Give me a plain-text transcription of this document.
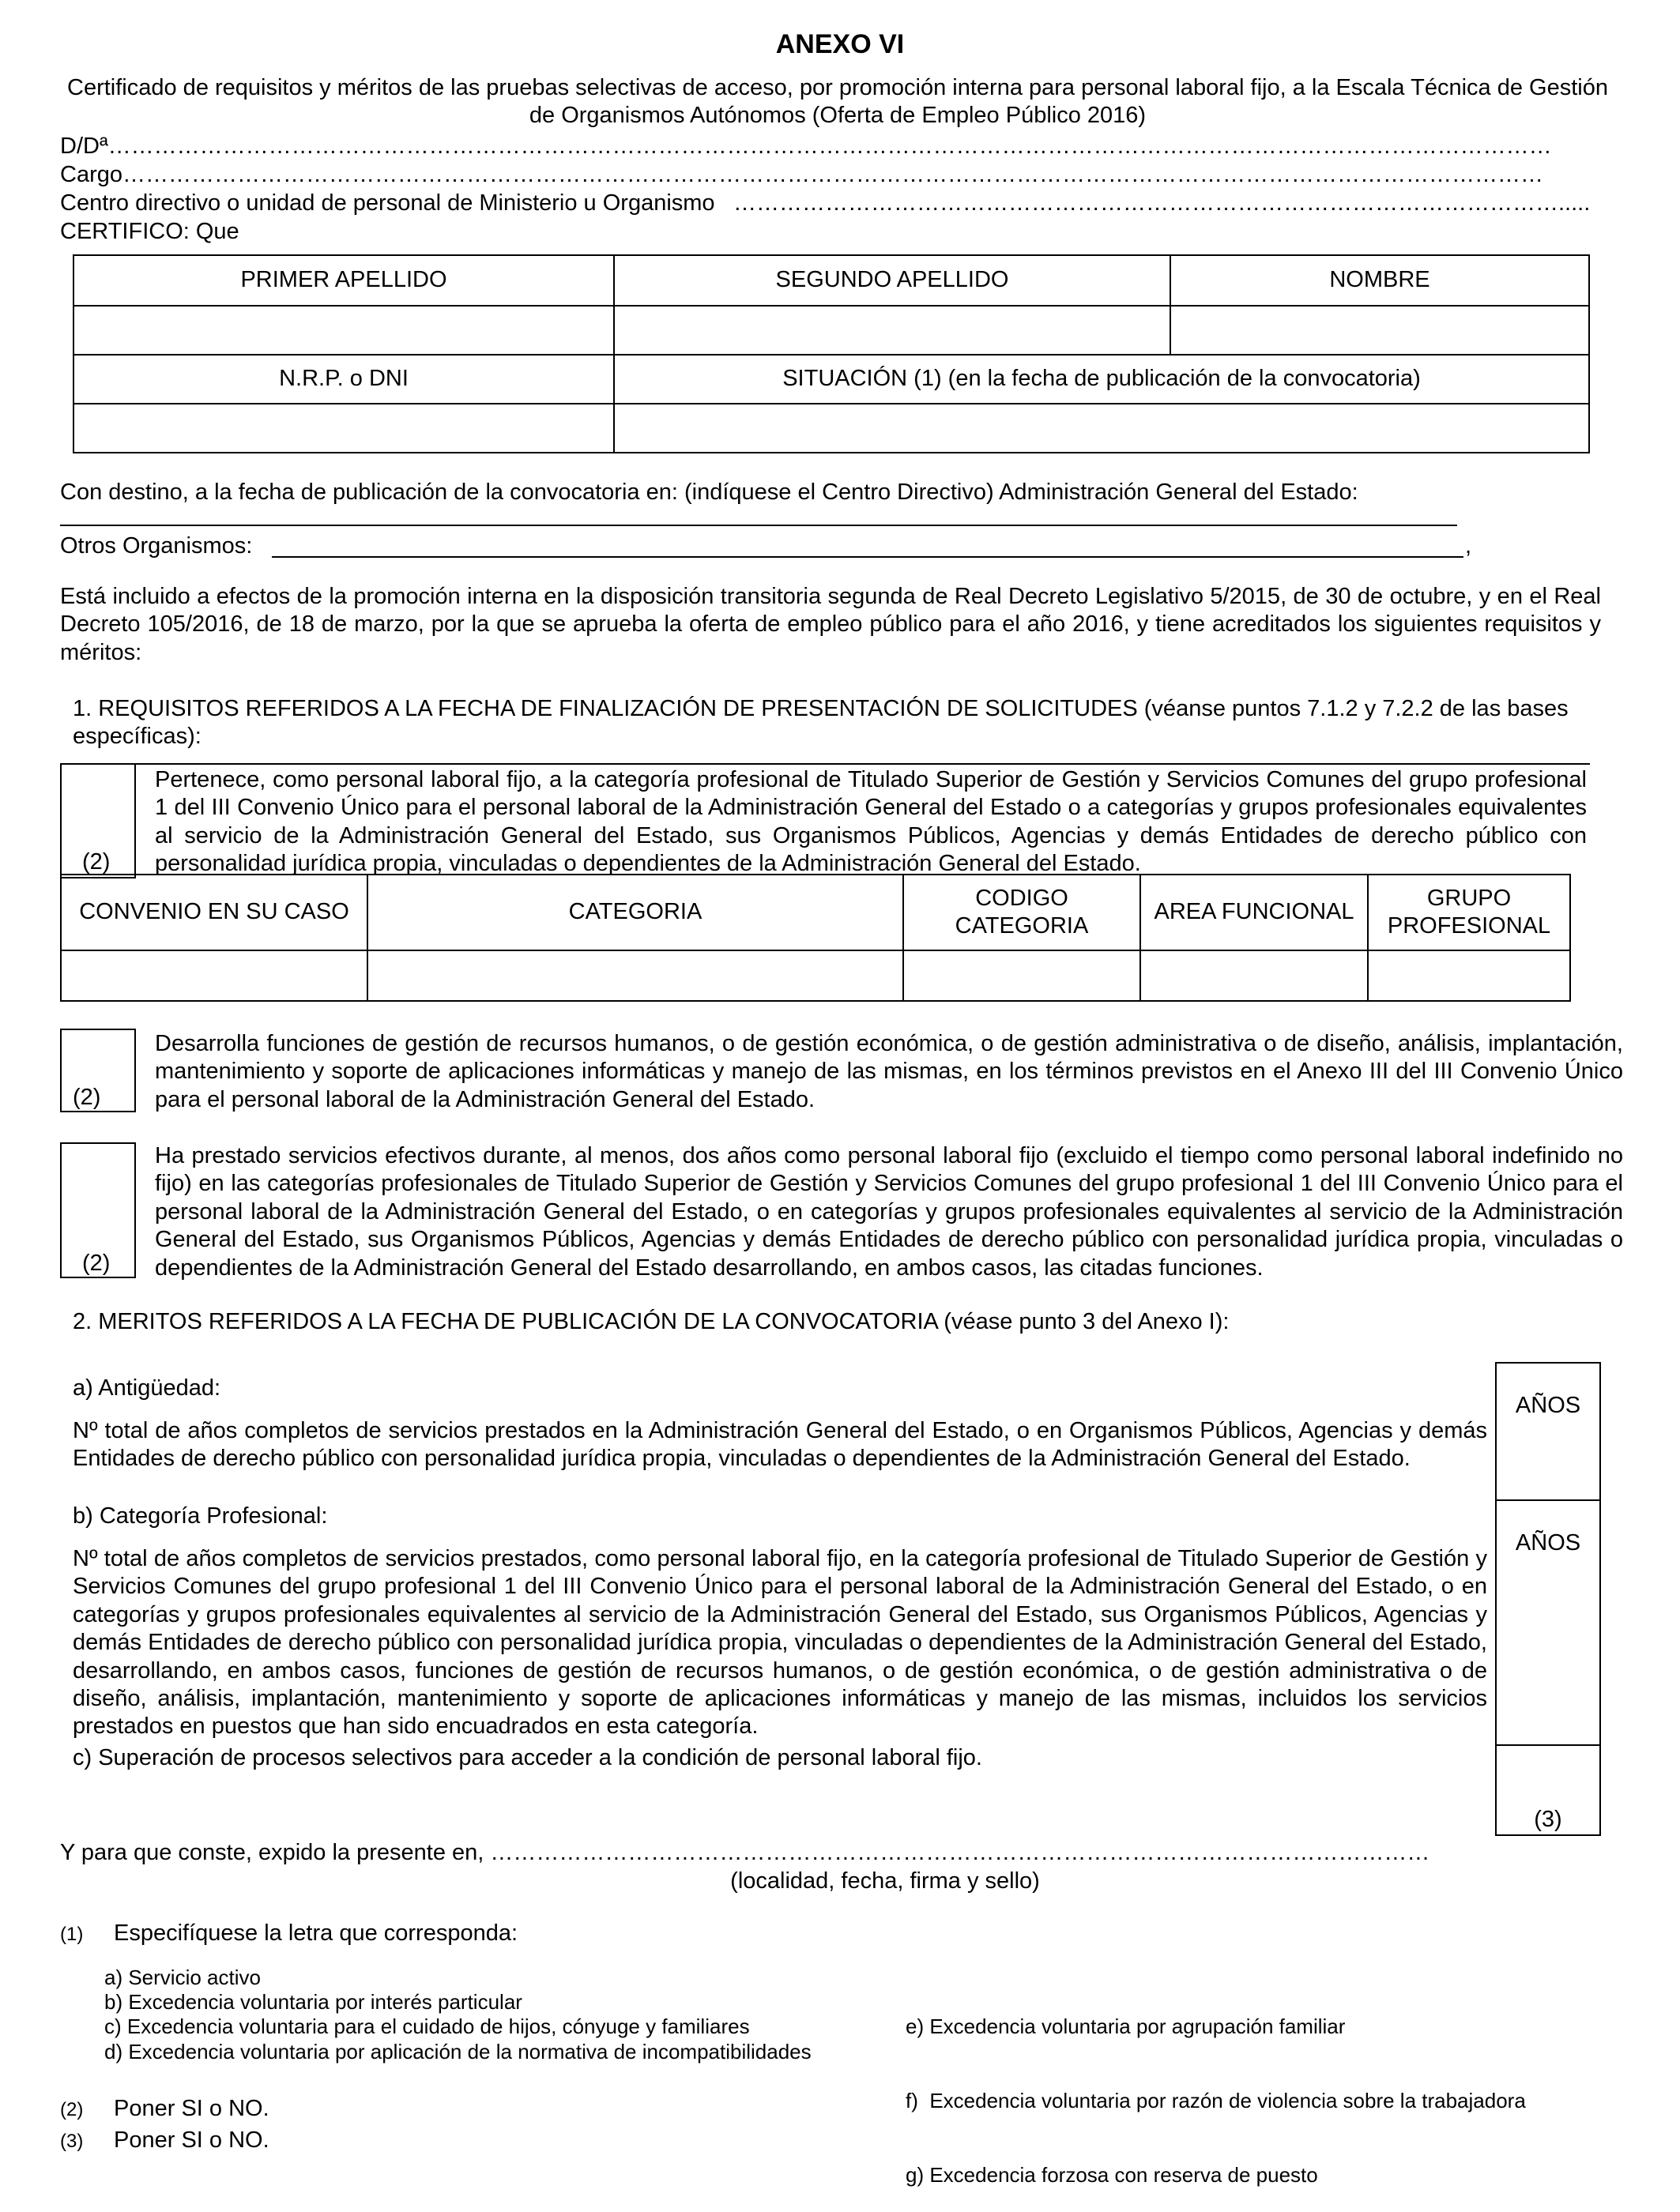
ANEXO VI
Certificado de requisitos y méritos de las pruebas selectivas de acceso, por promoción interna para personal laboral fijo, a la Escala Técnica de Gestión de Organismos Autónomos (Oferta de Empleo Público 2016)
D/Dª………………………………………………………………………………………………………………………………………………………………………
Cargo……………………………………………………………………………………………………………………………………………………………………
Centro directivo o unidad de personal de Ministerio u Organismo ……………………………………………………………………………………………….....
CERTIFICO: Que
PRIMER APELLIDO	SEGUNDO APELLIDO	NOMBRE

N.R.P. o DNI	SITUACIÓN (1) (en la fecha de publicación de la convocatoria)	

Con destino, a la fecha de publicación de la convocatoria en: (indíquese el Centro Directivo) Administración General del Estado:
Otros Organismos:	,
Está incluido a efectos de la promoción interna en la disposición transitoria segunda de Real Decreto Legislativo 5/2015, de 30 de octubre, y en el Real Decreto 105/2016, de 18 de marzo, por la que se aprueba la oferta de empleo público para el año 2016, y tiene acreditados los siguientes requisitos y méritos:
1. REQUISITOS REFERIDOS A LA FECHA DE FINALIZACIÓN DE PRESENTACIÓN DE SOLICITUDES (véanse puntos 7.1.2 y 7.2.2 de las bases específicas):
(2)
Pertenece, como personal laboral fijo, a la categoría profesional de Titulado Superior de Gestión y Servicios Comunes del grupo profesional 1 del III Convenio Único para el personal laboral de la Administración General del Estado o a categorías y grupos profesionales equivalentes al servicio de la Administración General del Estado, sus Organismos Públicos, Agencias y demás Entidades de derecho público con personalidad jurídica propia, vinculadas o dependientes de la Administración General del Estado.
CONVENIO EN SU CASO	CATEGORIA	CODIGO CATEGORIA	AREA FUNCIONAL	GRUPO PROFESIONAL

(2)
Desarrolla funciones de gestión de recursos humanos, o de gestión económica, o de gestión administrativa o de diseño, análisis, implantación, mantenimiento y soporte de aplicaciones informáticas y manejo de las mismas, en los términos previstos en el Anexo III del III Convenio Único para el personal laboral de la Administración General del Estado.
(2)
Ha prestado servicios efectivos durante, al menos, dos años como personal laboral fijo (excluido el tiempo como personal laboral indefinido no fijo) en las categorías profesionales de Titulado Superior de Gestión y Servicios Comunes del grupo profesional 1 del III Convenio Único para el personal laboral de la Administración General del Estado, o en categorías y grupos profesionales equivalentes al servicio de la Administración General del Estado, sus Organismos Públicos, Agencias y demás Entidades de derecho público con personalidad jurídica propia, vinculadas o dependientes de la Administración General del Estado desarrollando, en ambos casos, las citadas funciones.
2. MERITOS REFERIDOS A LA FECHA DE PUBLICACIÓN DE LA CONVOCATORIA (véase punto 3 del Anexo I):
AÑOS
AÑOS
(3)
a) Antigüedad:
Nº total de años completos de servicios prestados en la Administración General del Estado, o en Organismos Públicos, Agencias y demás Entidades de derecho público con personalidad jurídica propia, vinculadas o dependientes de la Administración General del Estado.
b) Categoría Profesional:
Nº total de años completos de servicios prestados, como personal laboral fijo, en la categoría profesional de Titulado Superior de Gestión y Servicios Comunes del grupo profesional 1 del III Convenio Único para el personal laboral de la Administración General del Estado, o en categorías y grupos profesionales equivalentes al servicio de la Administración General del Estado, sus Organismos Públicos, Agencias y demás Entidades de derecho público con personalidad jurídica propia, vinculadas o dependientes de la Administración General del Estado, desarrollando, en ambos casos, funciones de gestión de recursos humanos, o de gestión económica, o de gestión administrativa o de diseño, análisis, implantación, mantenimiento y soporte de aplicaciones informáticas y manejo de las mismas, incluidos los servicios prestados en puestos que han sido encuadrados en esta categoría.
c) Superación de procesos selectivos para acceder a la condición de personal laboral fijo.
Y para que conste, expido la presente en, ……………………………………………………………………………………………………………
(localidad, fecha, firma y sello)
(1) Especifíquese la letra que corresponda:
a) Servicio activo
b) Excedencia voluntaria por interés particular
c) Excedencia voluntaria para el cuidado de hijos, cónyuge y familiares
d) Excedencia voluntaria por aplicación de la normativa de incompatibilidades

e) Excedencia voluntaria por agrupación familiar

f)  Excedencia voluntaria por razón de violencia sobre la trabajadora

g) Excedencia forzosa con reserva de puesto

(2) Poner SI o NO.
(3) Poner SI o NO.
